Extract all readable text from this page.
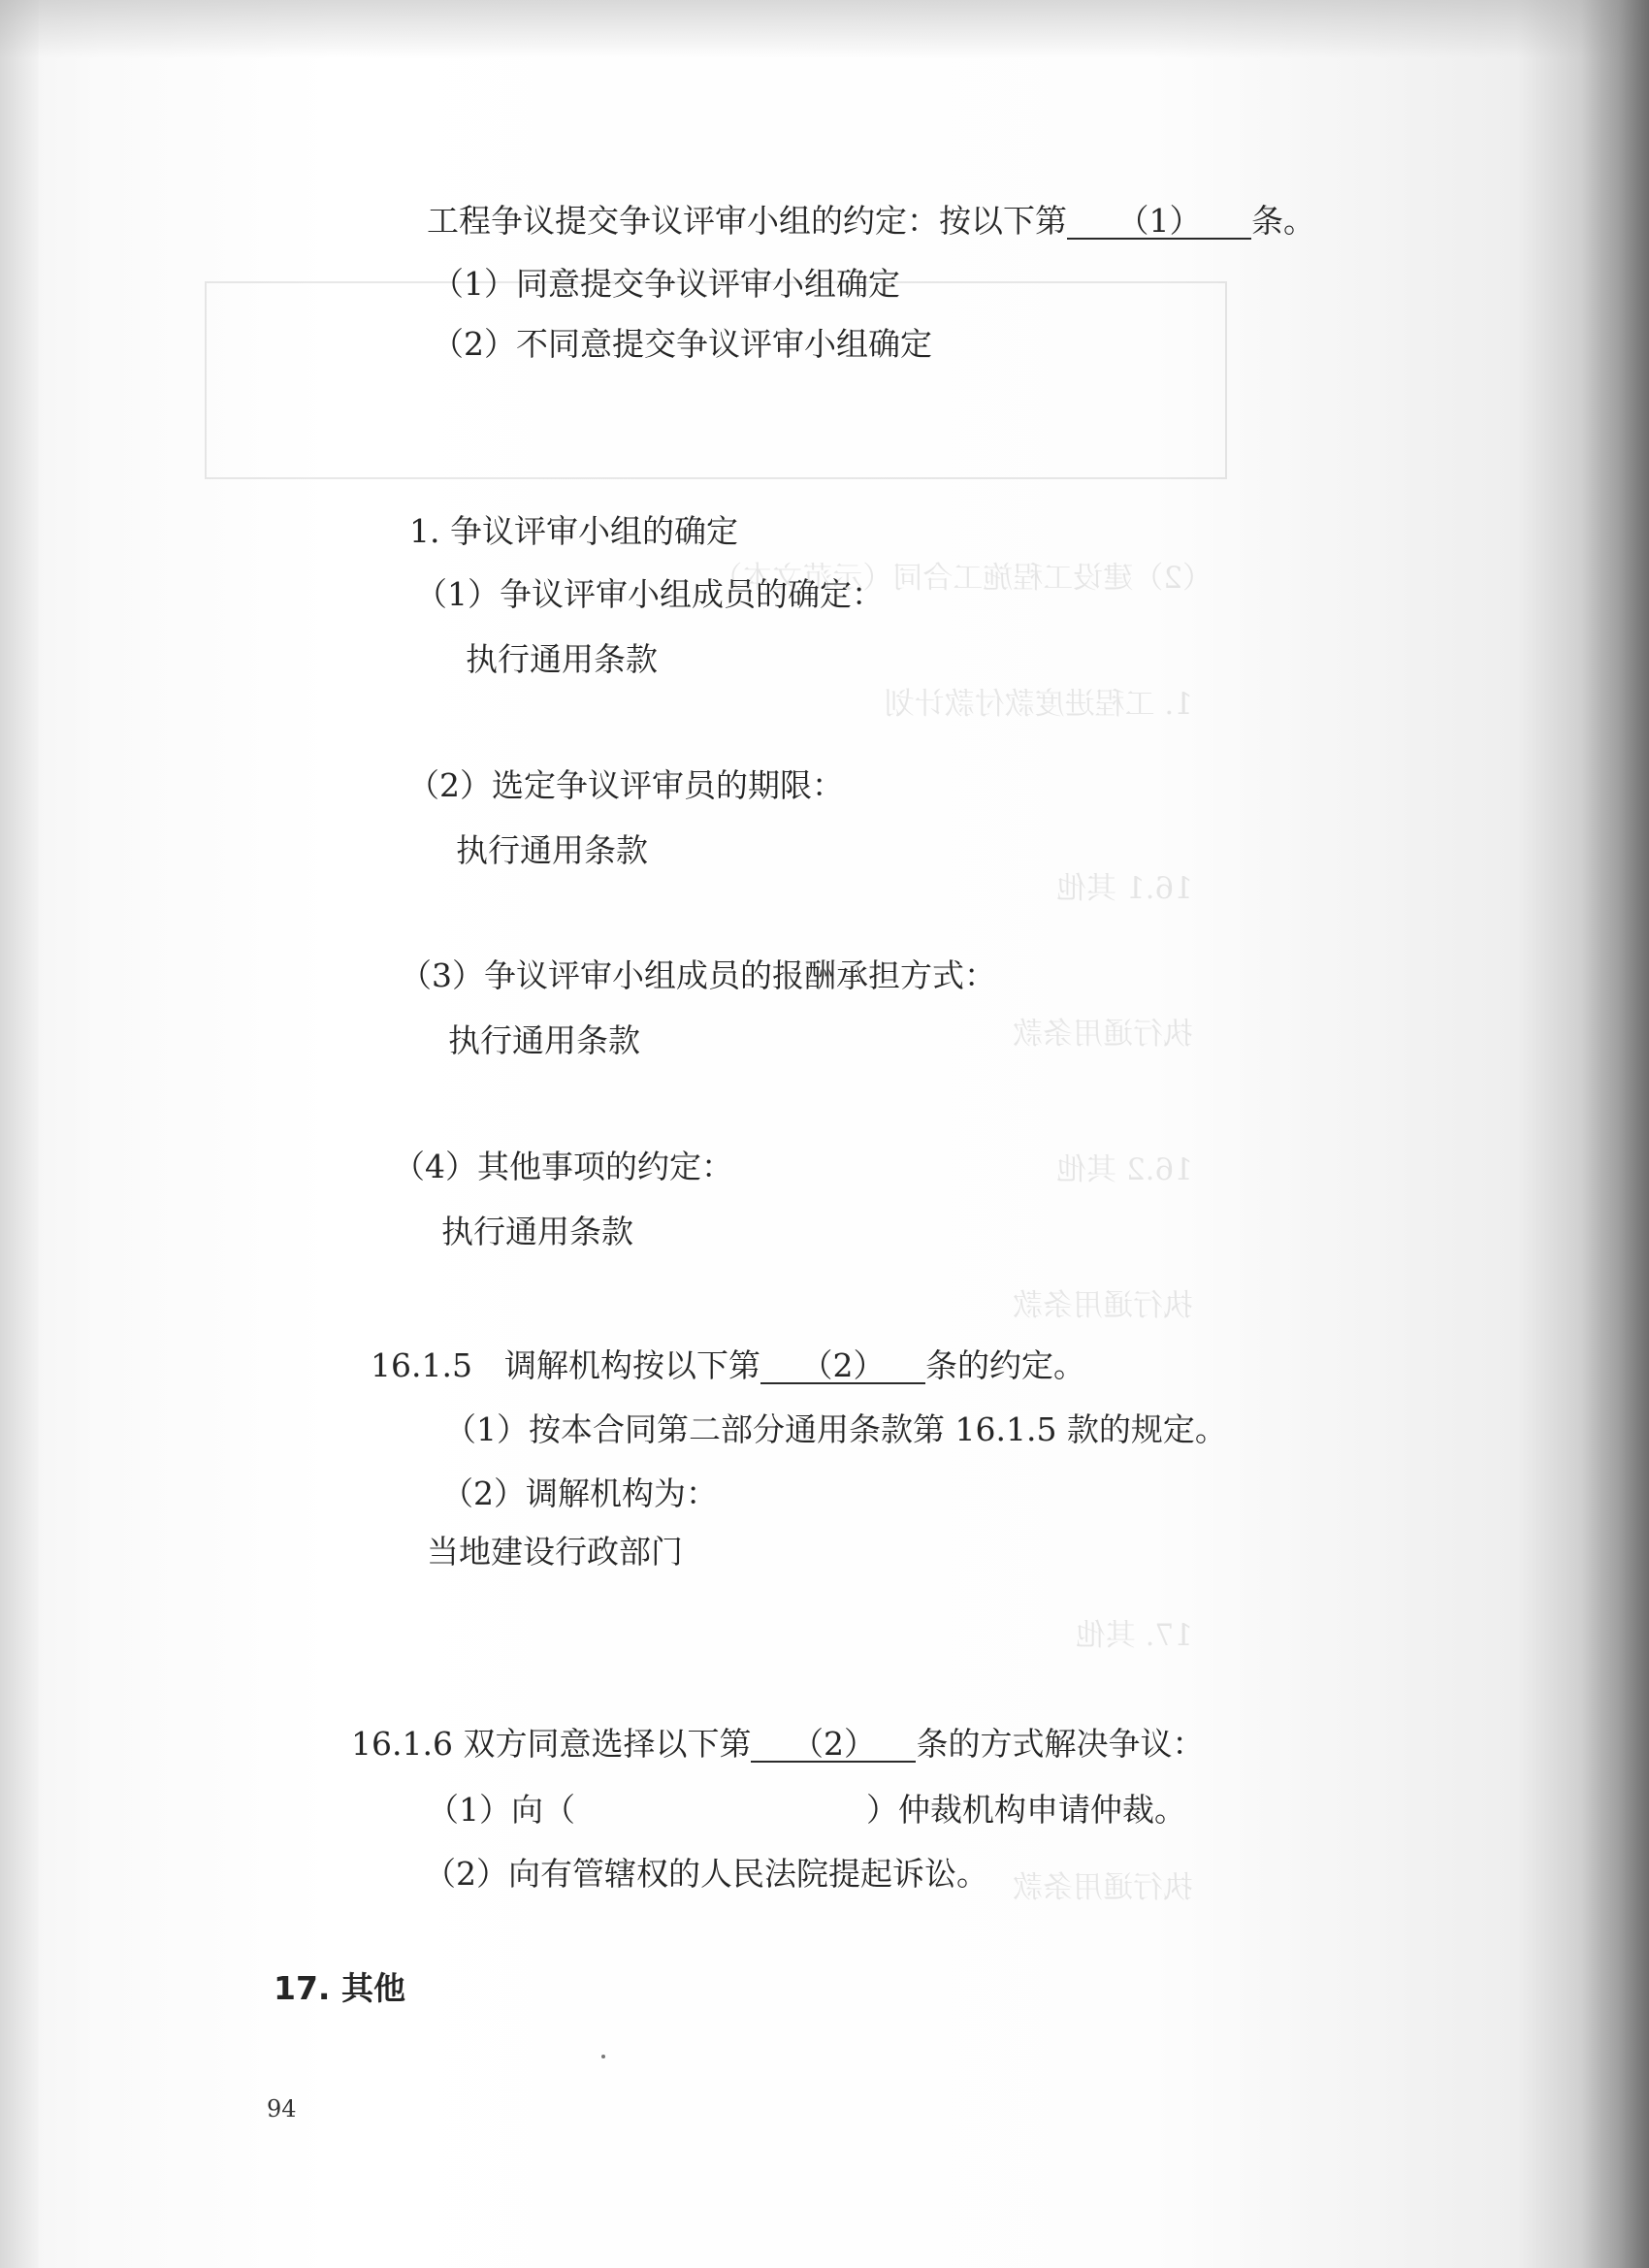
（2）建设工程施工合同（示范文本）
1. 工程进度款付款计划
16.1 其他
执行通用条款
16.2 其他
执行通用条款
17. 其他
执行通用条款
工程争议提交争议评审小组的约定：按以下第 （1） 条。
（1）同意提交争议评审小组确定
（2）不同意提交争议评审小组确定
1. 争议评审小组的确定
（1）争议评审小组成员的确定：
执行通用条款
（2）选定争议评审员的期限：
执行通用条款
（3）争议评审小组成员的报酬承担方式：
执行通用条款
（4）其他事项的约定：
执行通用条款
16.1.5　调解机构按以下第 （2） 条的约定。
（1）按本合同第二部分通用条款第 16.1.5 款的规定。
（2）调解机构为：
当地建设行政部门
16.1.6 双方同意选择以下第 （2） 条的方式解决争议：
（1）向（	）仲裁机构申请仲裁。
（2）向有管辖权的人民法院提起诉讼。
17. 其他
94
